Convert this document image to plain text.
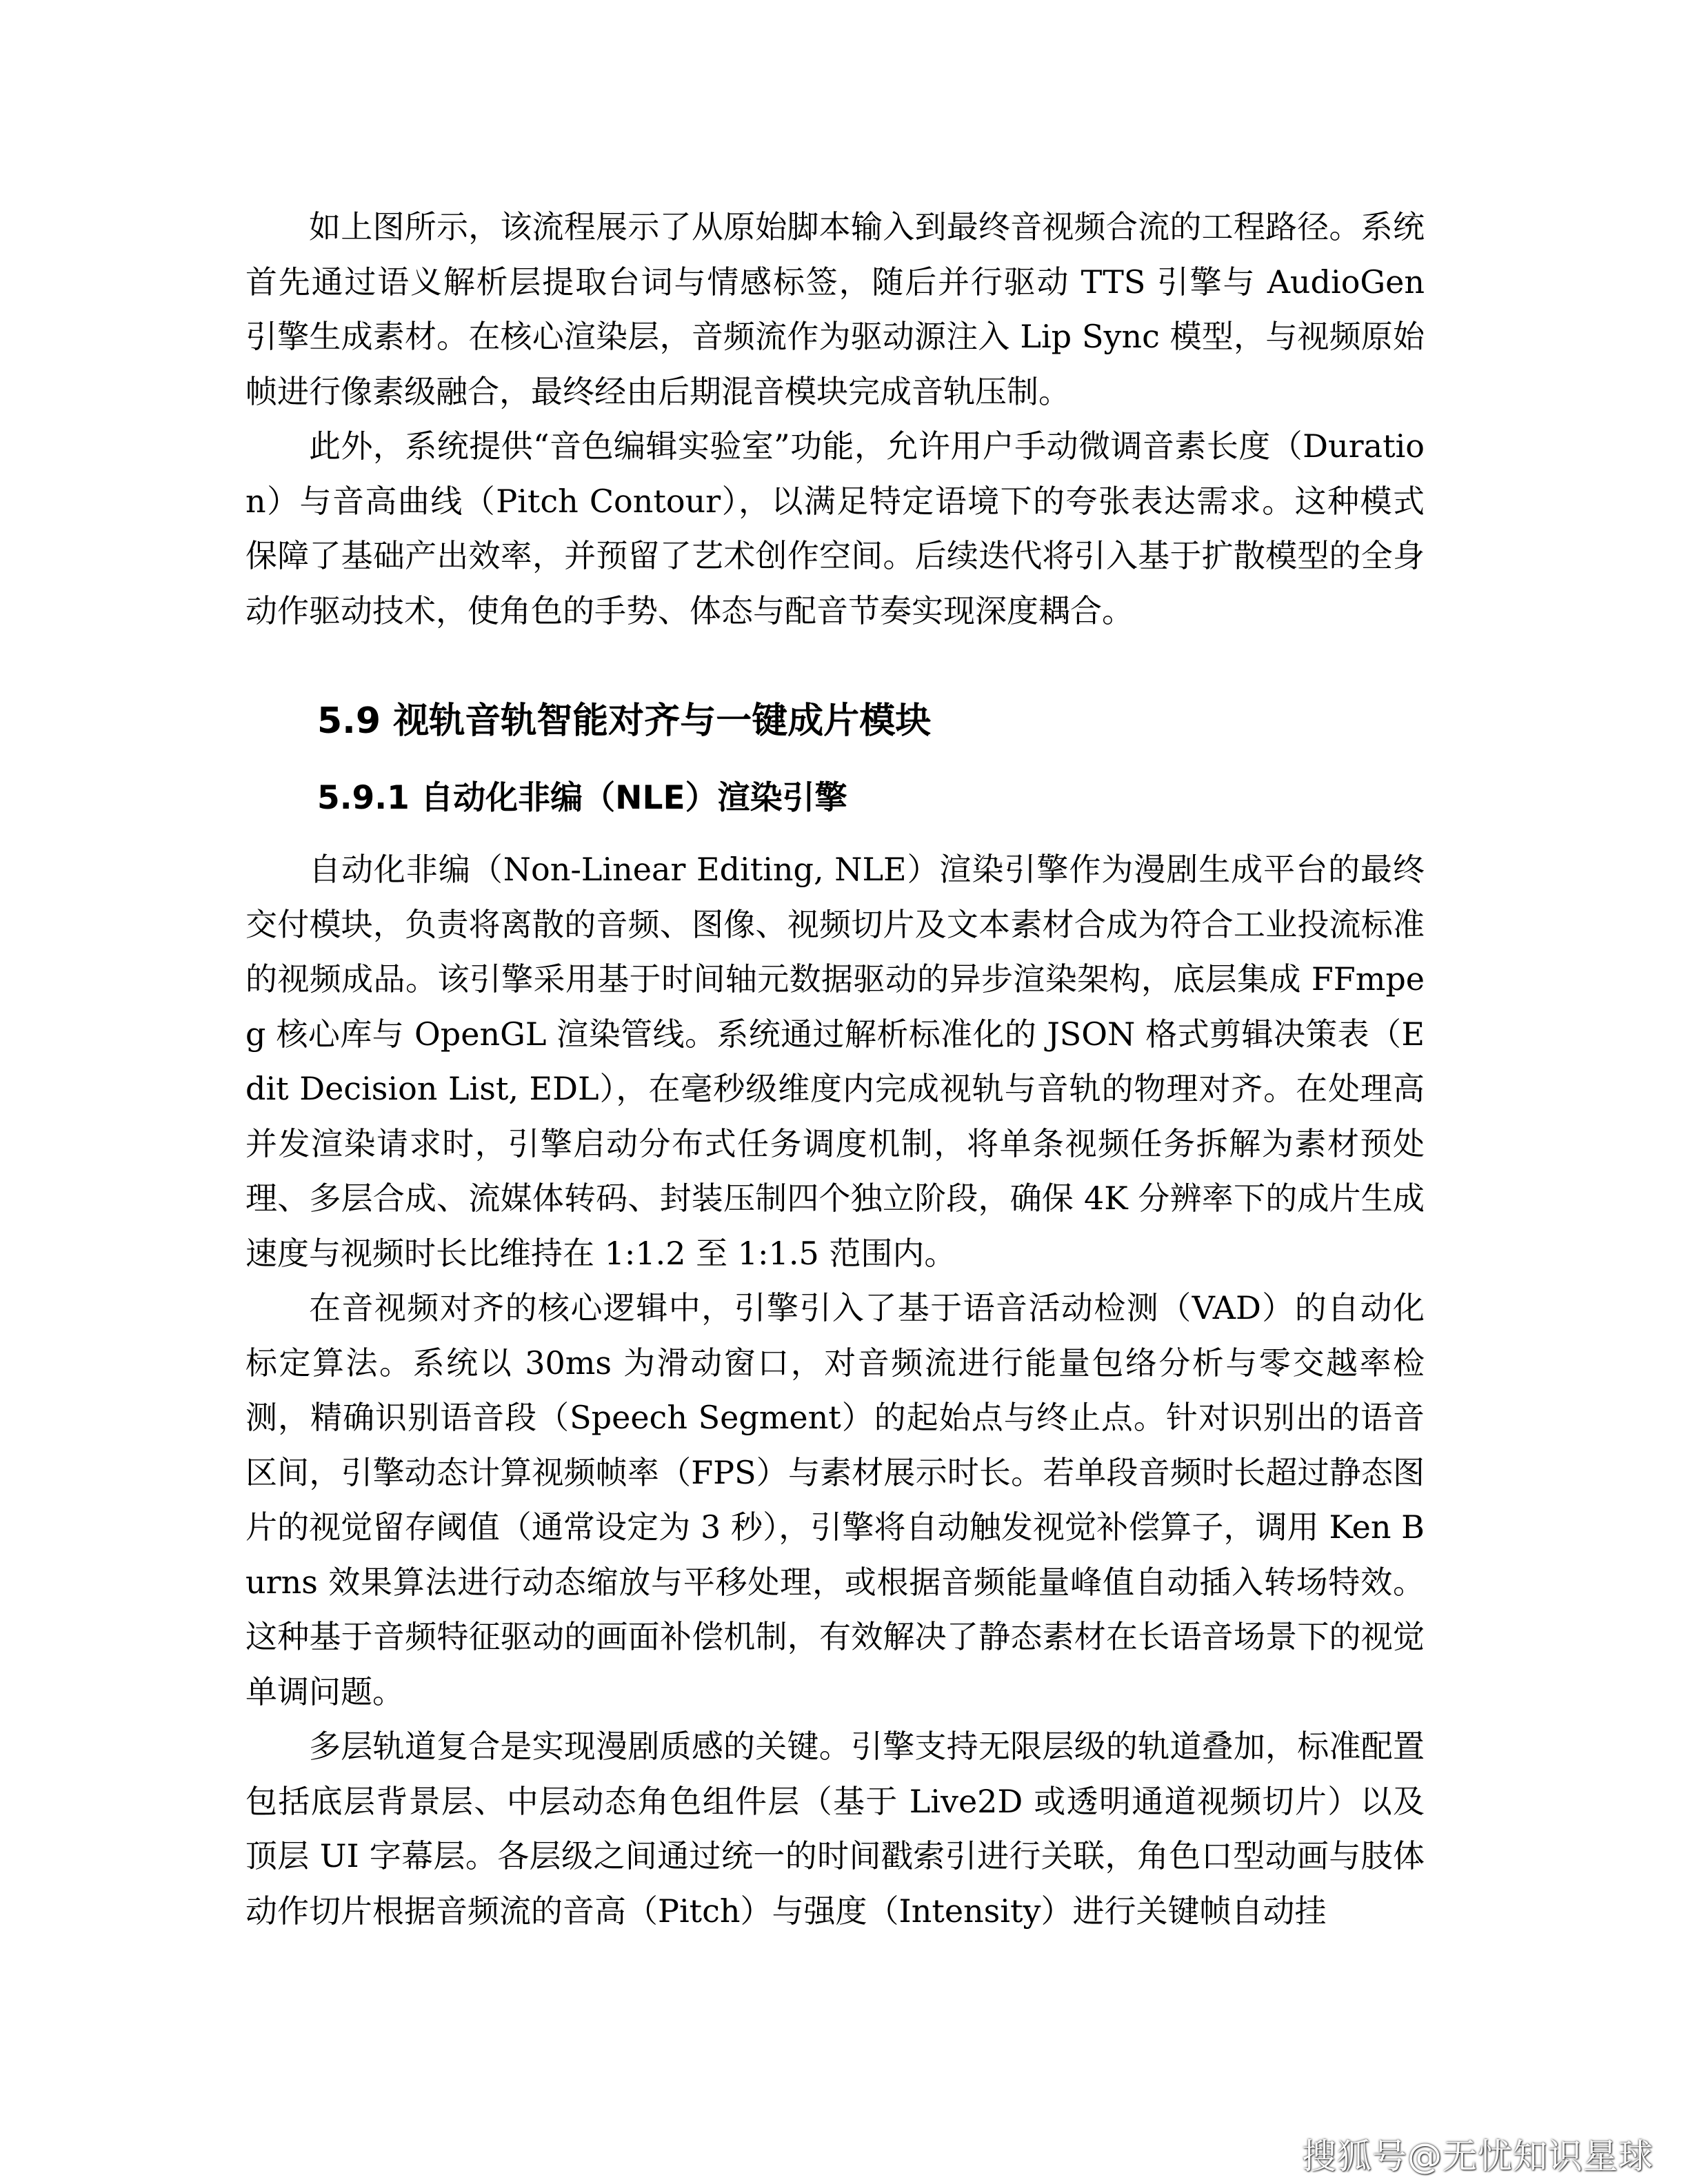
如上图所示，该流程展示了从原始脚本输入到最终音视频合流的工程路径。系统首先通过语义解析层提取台词与情感标签，随后并行驱动 TTS 引擎与 AudioGen 引擎生成素材。在核心渲染层，音频流作为驱动源注入 Lip Sync 模型，与视频原始帧进行像素级融合，最终经由后期混音模块完成音轨压制。

此外，系统提供“音色编辑实验室”功能，允许用户手动微调音素长度（Duration）与音高曲线（Pitch Contour），以满足特定语境下的夸张表达需求。这种模式保障了基础产出效率，并预留了艺术创作空间。后续迭代将引入基于扩散模型的全身动作驱动技术，使角色的手势、体态与配音节奏实现深度耦合。

5.9 视轨音轨智能对齐与一键成片模块
5.9.1 自动化非编（NLE）渲染引擎

自动化非编（Non-Linear Editing, NLE）渲染引擎作为漫剧生成平台的最终交付模块，负责将离散的音频、图像、视频切片及文本素材合成为符合工业投流标准的视频成品。该引擎采用基于时间轴元数据驱动的异步渲染架构，底层集成 FFmpeg 核心库与 OpenGL 渲染管线。系统通过解析标准化的 JSON 格式剪辑决策表（Edit Decision List, EDL），在毫秒级维度内完成视轨与音轨的物理对齐。在处理高并发渲染请求时，引擎启动分布式任务调度机制，将单条视频任务拆解为素材预处理、多层合成、流媒体转码、封装压制四个独立阶段，确保 4K 分辨率下的成片生成速度与视频时长比维持在 1:1.2 至 1:1.5 范围内。

在音视频对齐的核心逻辑中，引擎引入了基于语音活动检测（VAD）的自动化标定算法。系统以 30ms 为滑动窗口，对音频流进行能量包络分析与零交越率检测，精确识别语音段（Speech Segment）的起始点与终止点。针对识别出的语音区间，引擎动态计算视频帧率（FPS）与素材展示时长。若单段音频时长超过静态图片的视觉留存阈值（通常设定为 3 秒），引擎将自动触发视觉补偿算子，调用 Ken Burns 效果算法进行动态缩放与平移处理，或根据音频能量峰值自动插入转场特效。这种基于音频特征驱动的画面补偿机制，有效解决了静态素材在长语音场景下的视觉单调问题。

多层轨道复合是实现漫剧质感的关键。引擎支持无限层级的轨道叠加，标准配置包括底层背景层、中层动态角色组件层（基于 Live2D 或透明通道视频切片）以及顶层 UI 字幕层。各层级之间通过统一的时间戳索引进行关联，角色口型动画与肢体动作切片根据音频流的音高（Pitch）与强度（Intensity）进行关键帧自动挂

搜狐号@无忧知识星球
